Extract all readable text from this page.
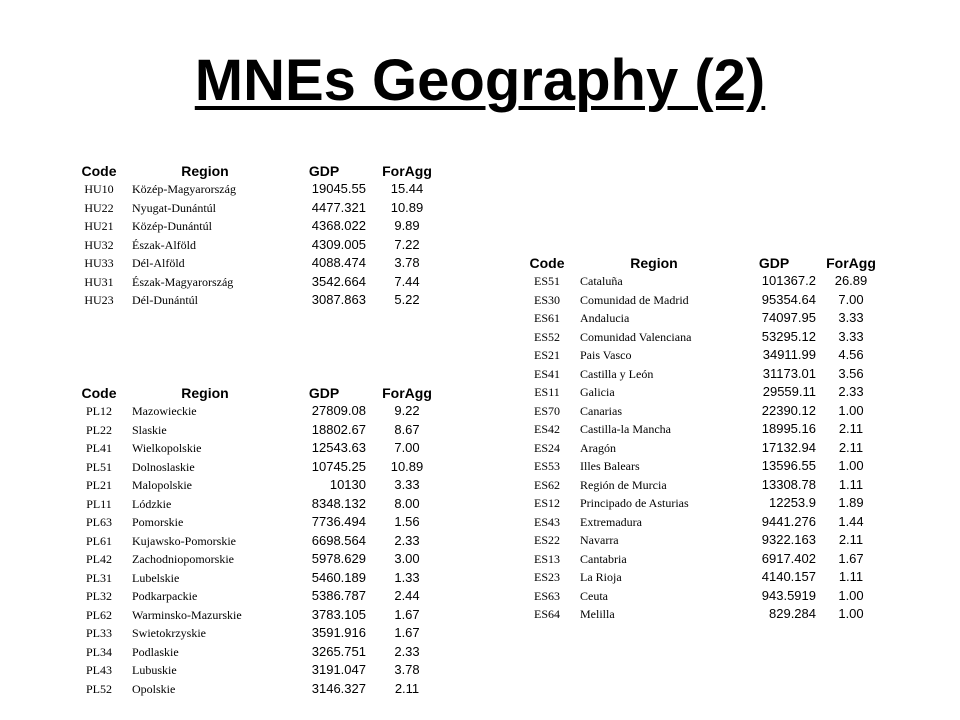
MNEs Geography (2)
Code	Region	GDP	ForAgg
HU10	Közép-Magyarország	19045.55	15.44
HU22	Nyugat-Dunántúl	4477.321	10.89
HU21	Közép-Dunántúl	4368.022	9.89
HU32	Észak-Alföld	4309.005	7.22
HU33	Dél-Alföld	4088.474	3.78
HU31	Észak-Magyarország	3542.664	7.44
HU23	Dél-Dunántúl	3087.863	5.22
Code	Region	GDP	ForAgg
PL12	Mazowieckie	27809.08	9.22
PL22	Slaskie	18802.67	8.67
PL41	Wielkopolskie	12543.63	7.00
PL51	Dolnoslaskie	10745.25	10.89
PL21	Malopolskie	10130	3.33
PL11	Lódzkie	8348.132	8.00
PL63	Pomorskie	7736.494	1.56
PL61	Kujawsko-Pomorskie	6698.564	2.33
PL42	Zachodniopomorskie	5978.629	3.00
PL31	Lubelskie	5460.189	1.33
PL32	Podkarpackie	5386.787	2.44
PL62	Warminsko-Mazurskie	3783.105	1.67
PL33	Swietokrzyskie	3591.916	1.67
PL34	Podlaskie	3265.751	2.33
PL43	Lubuskie	3191.047	3.78
PL52	Opolskie	3146.327	2.11
Code	Region	GDP	ForAgg
ES51	Cataluña	101367.2	26.89
ES30	Comunidad de Madrid	95354.64	7.00
ES61	Andalucia	74097.95	3.33
ES52	Comunidad Valenciana	53295.12	3.33
ES21	Pais Vasco	34911.99	4.56
ES41	Castilla y León	31173.01	3.56
ES11	Galicia	29559.11	2.33
ES70	Canarias	22390.12	1.00
ES42	Castilla-la Mancha	18995.16	2.11
ES24	Aragón	17132.94	2.11
ES53	Illes Balears	13596.55	1.00
ES62	Región de Murcia	13308.78	1.11
ES12	Principado de Asturias	12253.9	1.89
ES43	Extremadura	9441.276	1.44
ES22	Navarra	9322.163	2.11
ES13	Cantabria	6917.402	1.67
ES23	La Rioja	4140.157	1.11
ES63	Ceuta	943.5919	1.00
ES64	Melilla	829.284	1.00
